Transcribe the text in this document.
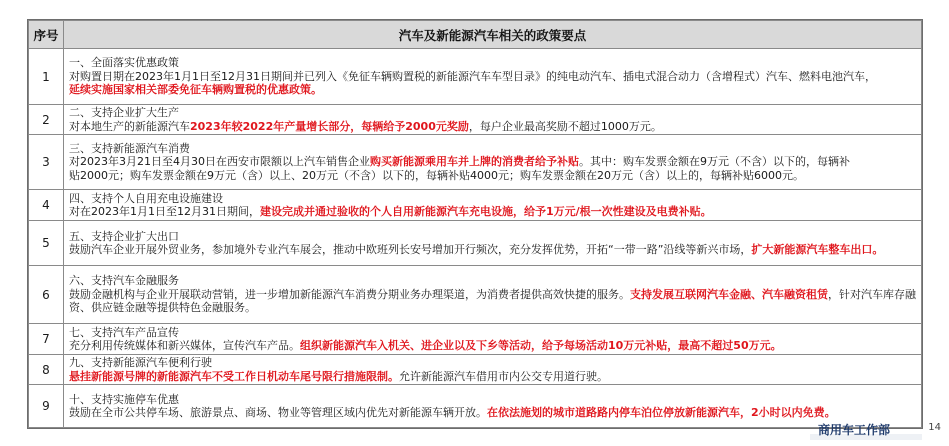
序号	汽车及新能源汽车相关的政策要点
1	一、全面落实优惠政策
对购置日期在2023年1月1日至12月31日期间并已列入《免征车辆购置税的新能源汽车车型目录》的纯电动汽车、插电式混合动力（含增程式）汽车、燃料电池汽车，
延续实施国家相关部委免征车辆购置税的优惠政策。

2	二、支持企业扩大生产
对本地生产的新能源汽车2023年较2022年产量增长部分，每辆给予2000元奖励，每户企业最高奖励不超过1000万元。

3	三、支持新能源汽车消费
对2023年3月21日至4月30日在西安市限额以上汽车销售企业购买新能源乘用车并上牌的消费者给予补贴。其中：购车发票金额在9万元（不含）以下的，每辆补
贴2000元；购车发票金额在9万元（含）以上、20万元（不含）以下的，每辆补贴4000元；购车发票金额在20万元（含）以上的，每辆补贴6000元。

4	四、支持个人自用充电设施建设
对在2023年1月1日至12月31日期间，建设完成并通过验收的个人自用新能源汽车充电设施，给予1万元/根一次性建设及电费补贴。

5	五、支持企业扩大出口
鼓励汽车企业开展外贸业务，参加境外专业汽车展会，推动中欧班列长安号增加开行频次，充分发挥优势，开拓“一带一路”沿线等新兴市场，扩大新能源汽车整车出口。

6	六、支持汽车金融服务
鼓励金融机构与企业开展联动营销，进一步增加新能源汽车消费分期业务办理渠道，为消费者提供高效快捷的服务。支持发展互联网汽车金融、汽车融资租赁，针对汽车库存融资、供应链金融等提供特色金融服务。

7	七、支持汽车产品宣传
充分利用传统媒体和新兴媒体，宣传汽车产品。组织新能源汽车入机关、进企业以及下乡等活动，给予每场活动10万元补贴，最高不超过50万元。

8	九、支持新能源汽车便利行驶
悬挂新能源号牌的新能源汽车不受工作日机动车尾号限行措施限制。允许新能源汽车借用市内公交专用道行驶。

9	十、支持实施停车优惠
鼓励在全市公共停车场、旅游景点、商场、物业等管理区域内优先对新能源车辆开放。在依法施划的城市道路路内停车泊位停放新能源汽车，2小时以内免费。
商用车工作部	14
